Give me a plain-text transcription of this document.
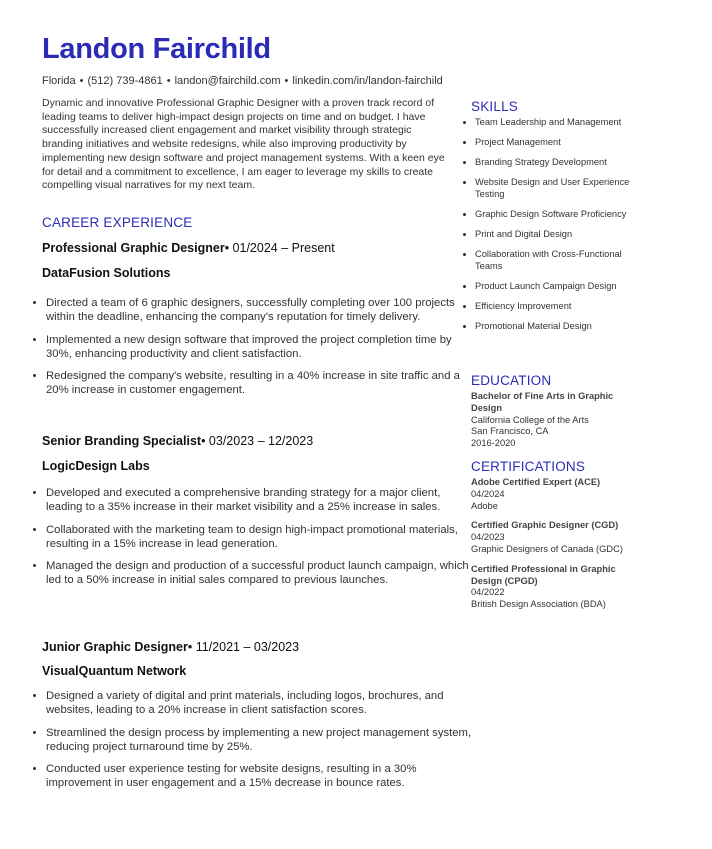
Landon Fairchild
Florida • (512) 739-4861 • landon@fairchild.com • linkedin.com/in/landon-fairchild
Dynamic and innovative Professional Graphic Designer with a proven track record of leading teams to deliver high-impact design projects on time and on budget. I have successfully increased client engagement and market visibility through strategic branding initiatives and website redesigns, while also improving productivity by implementing new design software and project management systems. With a keen eye for detail and a commitment to excellence, I am eager to leverage my skills to create compelling visual narratives for my next team.
CAREER EXPERIENCE
Professional Graphic Designer• 01/2024 – Present
DataFusion Solutions
• Directed a team of 6 graphic designers, successfully completing over 100 projects within the deadline, enhancing the company's reputation for timely delivery.
• Implemented a new design software that improved the project completion time by 30%, enhancing productivity and client satisfaction.
• Redesigned the company's website, resulting in a 40% increase in site traffic and a 20% increase in customer engagement.
Senior Branding Specialist• 03/2023 – 12/2023
LogicDesign Labs
• Developed and executed a comprehensive branding strategy for a major client, leading to a 35% increase in their market visibility and a 25% increase in sales.
• Collaborated with the marketing team to design high-impact promotional materials, resulting in a 15% increase in lead generation.
• Managed the design and production of a successful product launch campaign, which led to a 50% increase in initial sales compared to previous launches.
Junior Graphic Designer• 11/2021 – 03/2023
VisualQuantum Network
• Designed a variety of digital and print materials, including logos, brochures, and websites, leading to a 20% increase in client satisfaction scores.
• Streamlined the design process by implementing a new project management system, reducing project turnaround time by 25%.
• Conducted user experience testing for website designs, resulting in a 30% improvement in user engagement and a 15% decrease in bounce rates.
SKILLS
• Team Leadership and Management
• Project Management
• Branding Strategy Development
• Website Design and User Experience Testing
• Graphic Design Software Proficiency
• Print and Digital Design
• Collaboration with Cross-Functional Teams
• Product Launch Campaign Design
• Efficiency Improvement
• Promotional Material Design
EDUCATION
Bachelor of Fine Arts in Graphic Design
California College of the Arts
San Francisco, CA
2016-2020
CERTIFICATIONS
Adobe Certified Expert (ACE)
04/2024
Adobe
Certified Graphic Designer (CGD)
04/2023
Graphic Designers of Canada (GDC)
Certified Professional in Graphic Design (CPGD)
04/2022
British Design Association (BDA)
